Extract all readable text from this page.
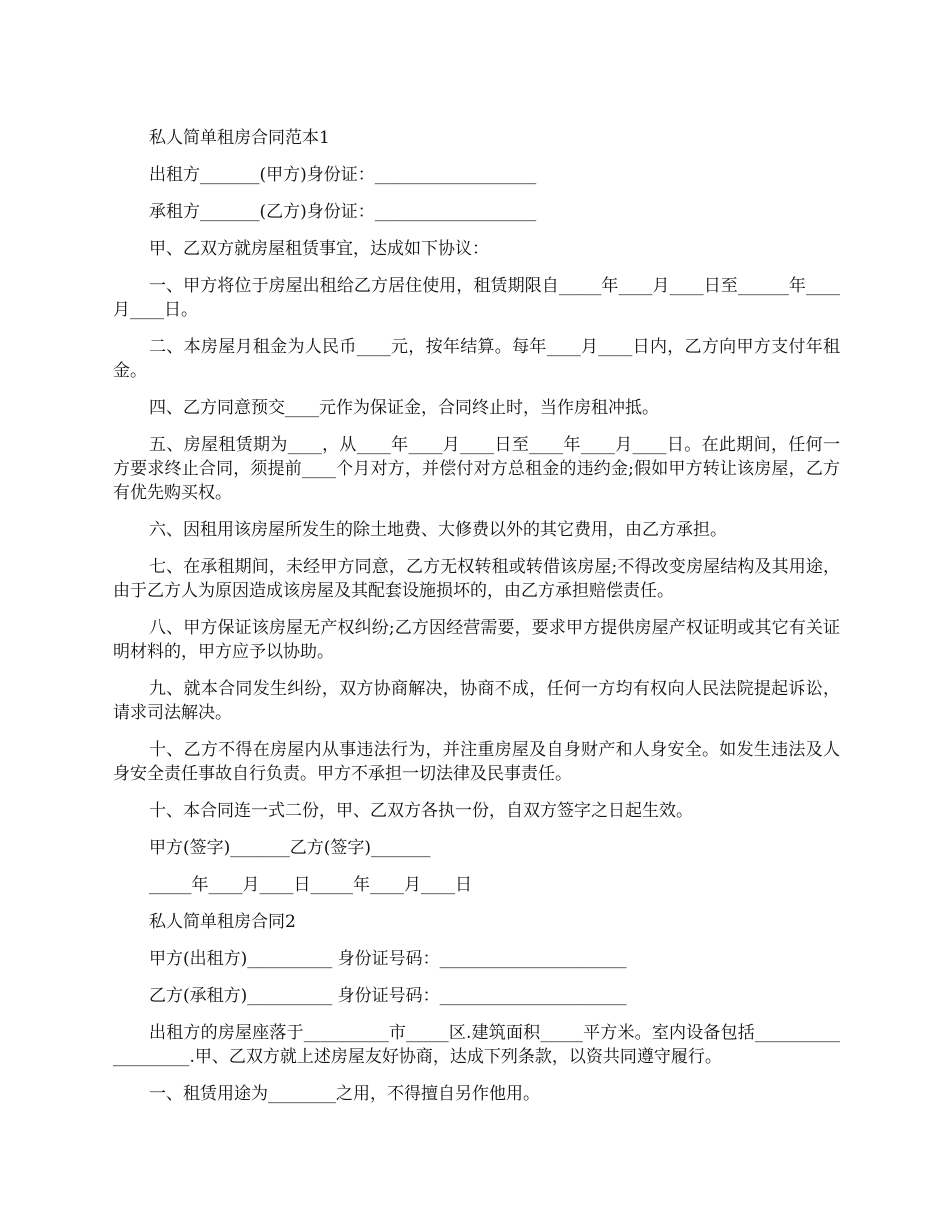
私人简单租房合同范本1

出租方_______(甲方)身份证：___________________

承租方_______(乙方)身份证：___________________

甲、乙双方就房屋租赁事宜，达成如下协议：

一、甲方将位于房屋出租给乙方居住使用，租赁期限自_____年____月____日至______年____月____日。

二、本房屋月租金为人民币____元，按年结算。每年____月____日内，乙方向甲方支付年租金。

四、乙方同意预交____元作为保证金，合同终止时，当作房租冲抵。

五、房屋租赁期为____，从____年____月____日至____年____月____日。在此期间，任何一方要求终止合同，须提前____个月对方，并偿付对方总租金的违约金;假如甲方转让该房屋，乙方有优先购买权。

六、因租用该房屋所发生的除土地费、大修费以外的其它费用，由乙方承担。

七、在承租期间，未经甲方同意，乙方无权转租或转借该房屋;不得改变房屋结构及其用途，由于乙方人为原因造成该房屋及其配套设施损坏的，由乙方承担赔偿责任。

八、甲方保证该房屋无产权纠纷;乙方因经营需要，要求甲方提供房屋产权证明或其它有关证明材料的，甲方应予以协助。

九、就本合同发生纠纷，双方协商解决，协商不成，任何一方均有权向人民法院提起诉讼，请求司法解决。

十、乙方不得在房屋内从事违法行为，并注重房屋及自身财产和人身安全。如发生违法及人身安全责任事故自行负责。甲方不承担一切法律及民事责任。

十、本合同连一式二份，甲、乙双方各执一份，自双方签字之日起生效。

甲方(签字)_______乙方(签字)_______

_____年____月____日_____年____月____日

私人简单租房合同2

甲方(出租方)__________ 身份证号码：______________________

乙方(承租方)__________ 身份证号码：______________________

出租方的房屋座落于__________市_____区.建筑面积_____平方米。室内设备包括___________________.甲、乙双方就上述房屋友好协商，达成下列条款，以资共同遵守履行。

一、租赁用途为________之用，不得擅自另作他用。
